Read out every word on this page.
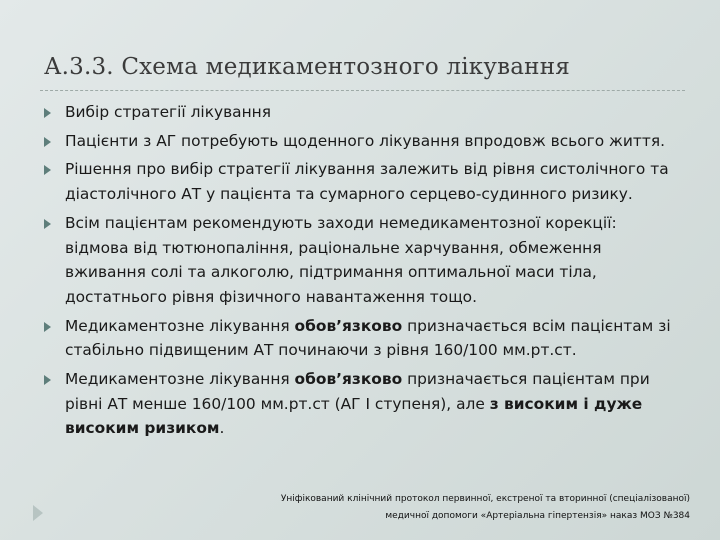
А.3.3. Схема медикаментозного лікування
Вибір стратегії лікування
Пацієнти з АГ потребують щоденного лікування впродовж всього життя.
Рішення про вибір стратегії лікування залежить від рівня систолічного та діастолічного АТ у пацієнта та сумарного серцево-судинного ризику.
Всім пацієнтам рекомендують заходи немедикаментозної корекції: відмова від тютюнопаління, раціональне харчування, обмеження вживання солі та алкоголю, підтримання оптимальної маси тіла, достатнього рівня фізичного навантаження тощо.
Медикаментозне лікування обов’язково призначається всім пацієнтам зі стабільно підвищеним АТ починаючи з рівня 160/100 мм.рт.ст.
Медикаментозне лікування обов’язково призначається пацієнтам при рівні АТ менше 160/100 мм.рт.ст (АГ І ступеня), але з високим і дуже високим ризиком.
Уніфікований клінічний протокол первинної, екстреної та вторинної (спеціалізованої)
медичної допомоги «Артеріальна гіпертензія» наказ МОЗ №384
